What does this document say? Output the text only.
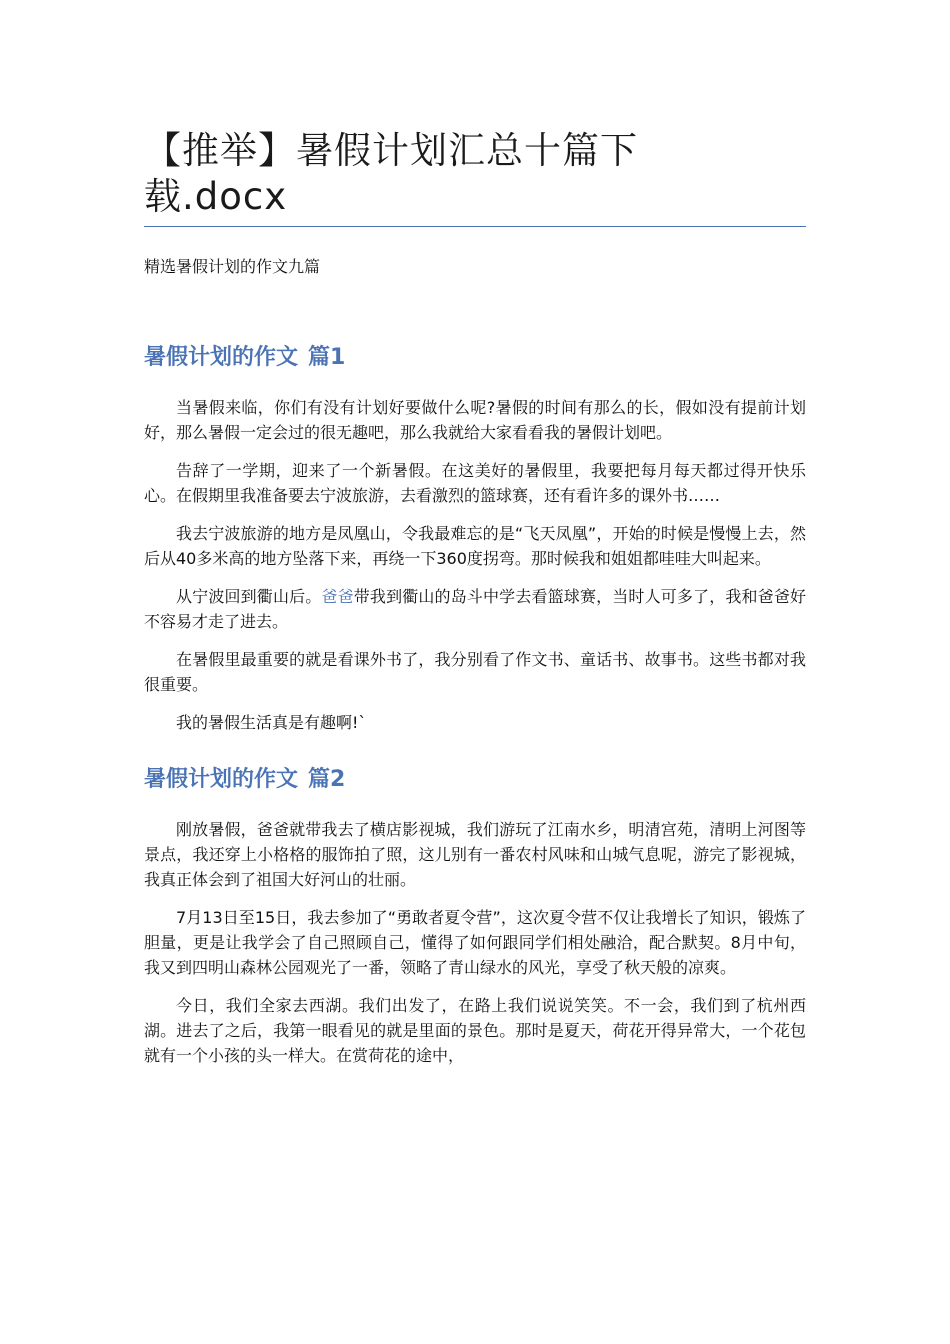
【推举】暑假计划汇总十篇下载.docx

精选暑假计划的作文九篇

暑假计划的作文 篇1

当暑假来临，你们有没有计划好要做什么呢?暑假的时间有那么的长，假如没有提前计划好，那么暑假一定会过的很无趣吧，那么我就给大家看看我的暑假计划吧。

告辞了一学期，迎来了一个新暑假。在这美好的暑假里，我要把每月每天都过得开快乐心。在假期里我准备要去宁波旅游，去看激烈的篮球赛，还有看许多的课外书……

我去宁波旅游的地方是凤凰山，令我最难忘的是“飞天凤凰”，开始的时候是慢慢上去，然后从40多米高的地方坠落下来，再绕一下360度拐弯。那时候我和姐姐都哇哇大叫起来。

从宁波回到衢山后。爸爸带我到衢山的岛斗中学去看篮球赛，当时人可多了，我和爸爸好不容易才走了进去。

在暑假里最重要的就是看课外书了，我分别看了作文书、童话书、故事书。这些书都对我很重要。

我的暑假生活真是有趣啊!`

暑假计划的作文 篇2

刚放暑假，爸爸就带我去了横店影视城，我们游玩了江南水乡，明清宫苑，清明上河图等景点，我还穿上小格格的服饰拍了照，这儿别有一番农村风味和山城气息呢，游完了影视城，我真正体会到了祖国大好河山的壮丽。

7月13日至15日，我去参加了“勇敢者夏令营”，这次夏令营不仅让我增长了知识，锻炼了胆量，更是让我学会了自己照顾自己，懂得了如何跟同学们相处融洽，配合默契。8月中旬，我又到四明山森林公园观光了一番，领略了青山绿水的风光，享受了秋天般的凉爽。

今日，我们全家去西湖。我们出发了，在路上我们说说笑笑。不一会，我们到了杭州西湖。进去了之后，我第一眼看见的就是里面的景色。那时是夏天，荷花开得异常大，一个花包就有一个小孩的头一样大。在赏荷花的途中，
